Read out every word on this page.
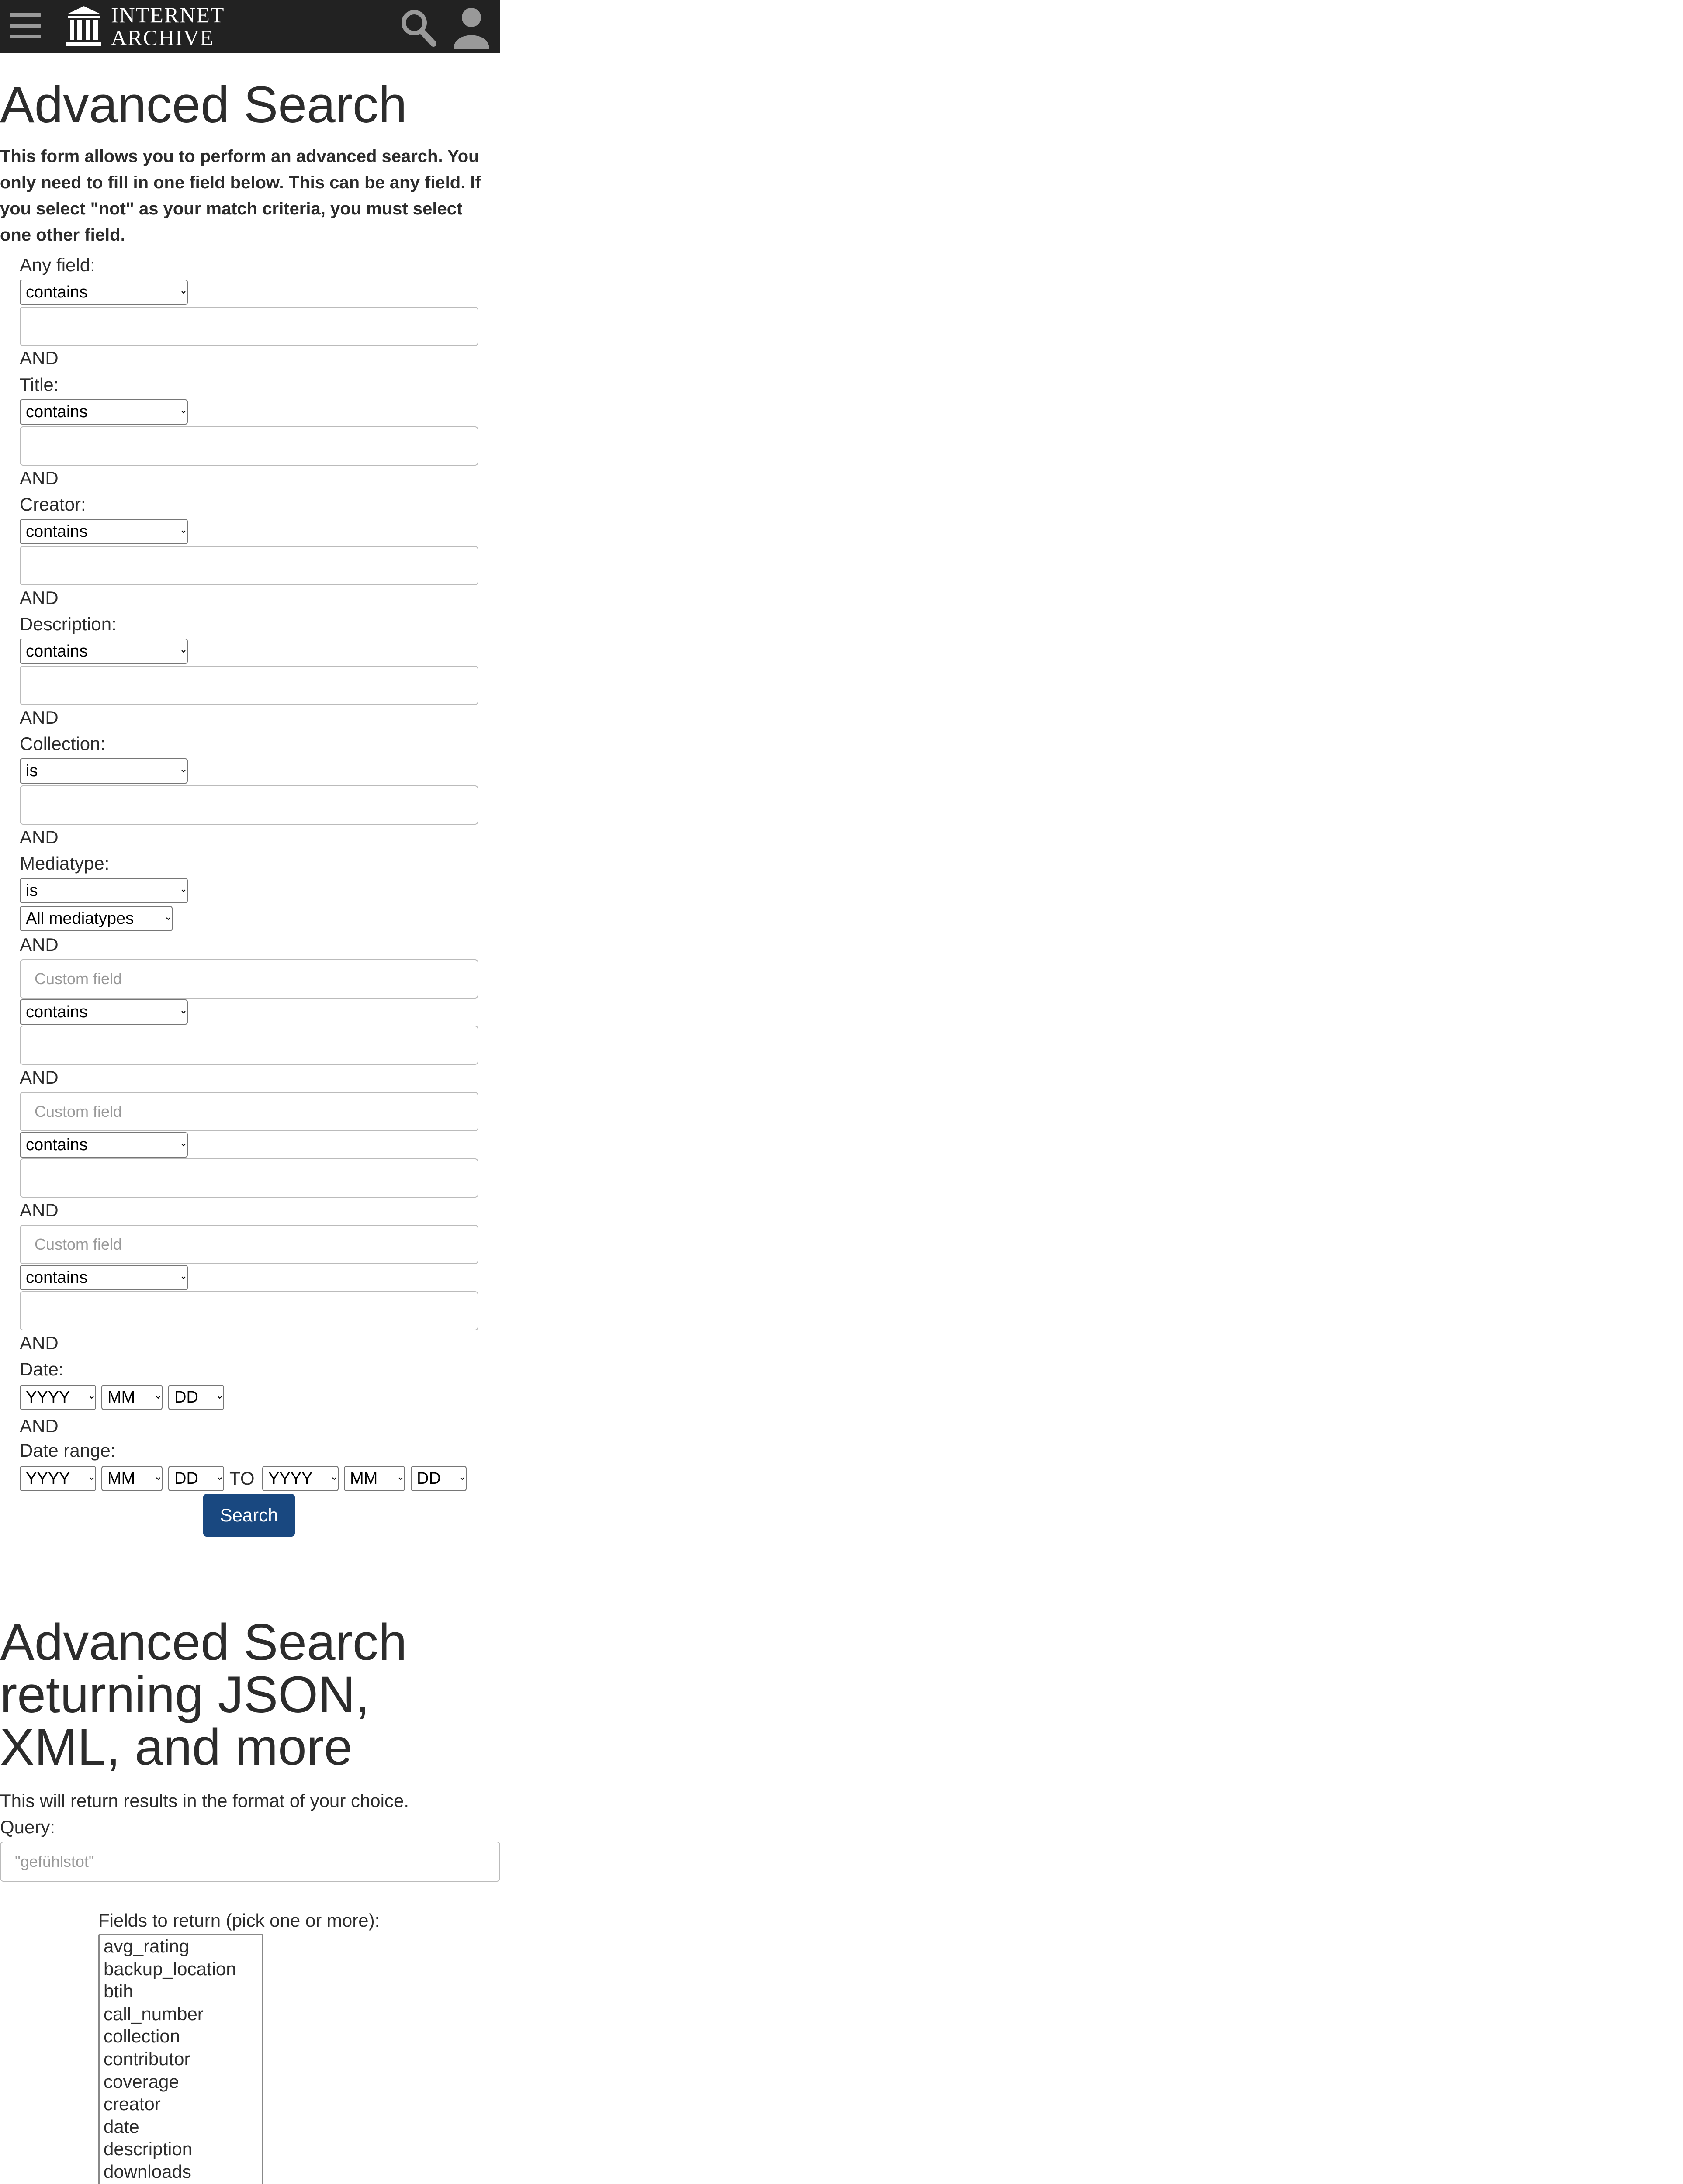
INTERNET
ARCHIVE
Advanced Search
This form allows you to perform an advanced search. You only need to fill in one field below. This can be any field. If you select "not" as your match criteria, you must select one other field.
Any field:
contains
AND
Title:
contains
AND
Creator:
contains
AND
Description:
contains
AND
Collection:
is
AND
Mediatype:
is
All mediatypes
AND
Custom field
contains
AND
Custom field
contains
AND
Custom field
contains
AND
Date:
YYYY
MM
DD
AND
Date range:
YYYY
MM
DD
TO
YYYY
MM
DD
Search
Advanced Search returning JSON, XML, and more
This will return results in the format of your choice.
Query:
"gefühlstot"
Fields to return (pick one or more):
avg_rating
backup_location
btih
call_number
collection
contributor
coverage
creator
date
description
downloads
